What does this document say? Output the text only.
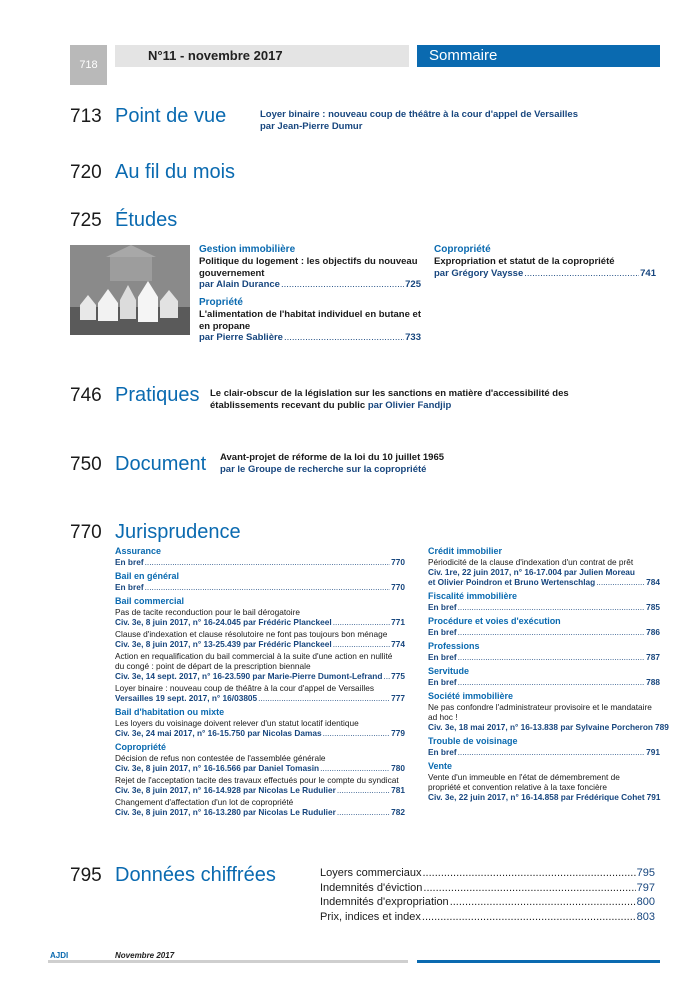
718
N°11 - novembre 2017	Sommaire
713 Point de vue	Loyer binaire : nouveau coup de théâtre à la cour d'appel de Versailles
par Jean-Pierre Dumur
720 Au fil du mois
725 Études
Gestion immobilière
Politique du logement : les objectifs du nouveau gouvernement
par Alain Durance .....	725
Propriété
L'alimentation de l'habitat individuel en butane et en propane
par Pierre Sablière .....	733
Copropriété
Expropriation et statut de la copropriété
par Grégory Vaysse .....	741
746 Pratiques Le clair-obscur de la législation sur les sanctions en matière d'accessibilité des
établissements recevant du public par Olivier Fandjip
750 Document Avant-projet de réforme de la loi du 10 juillet 1965
par le Groupe de recherche sur la copropriété
770 Jurisprudence
Assurance
En bref .....	770
Bail en général
En bref .....	770
Bail commercial
Pas de tacite reconduction pour le bail dérogatoire
Civ. 3e, 8 juin 2017, n° 16-24.045 par Frédéric Planckeel .....	771
Clause d'indexation et clause résolutoire ne font pas toujours bon ménage
Civ. 3e, 8 juin 2017, n° 13-25.439 par Frédéric Planckeel .....	774
Action en requalification du bail commercial à la suite d'une action en nullité
du congé : point de départ de la prescription biennale
Civ. 3e, 14 sept. 2017, n° 16-23.590 par Marie-Pierre Dumont-Lefrand ..... 775
Loyer binaire : nouveau coup de théâtre à la cour d'appel de Versailles
Versailles 19 sept. 2017, n° 16/03805 .....	777
Bail d'habitation ou mixte
Les loyers du voisinage doivent relever d'un statut locatif identique
Civ. 3e, 24 mai 2017, n° 16-15.750 par Nicolas Damas .....	779
Copropriété
Décision de refus non contestée de l'assemblée générale
Civ. 3e, 8 juin 2017, n° 16-16.566 par Daniel Tomasin .....	780
Rejet de l'acceptation tacite des travaux effectués pour le compte du syndicat
Civ. 3e, 8 juin 2017, n° 16-14.928 par Nicolas Le Rudulier .....	781
Changement d'affectation d'un lot de copropriété
Civ. 3e, 8 juin 2017, n° 16-13.280 par Nicolas Le Rudulier .....	782
Crédit immobilier
Périodicité de la clause d'indexation d'un contrat de prêt
Civ. 1re, 22 juin 2017, n° 16-17.004 par Julien Moreau
et Olivier Poindron et Bruno Wertenschlag .....	784
Fiscalité immobilière
En bref .....	785
Procédure et voies d'exécution
En bref .....	786
Professions
En bref .....	787
Servitude
En bref .....	788
Société immobilière
Ne pas confondre l'administrateur provisoire et le mandataire
ad hoc !
Civ. 3e, 18 mai 2017, n° 16-13.838 par Sylvaine Porcheron 789
Trouble de voisinage
En bref .....	791
Vente
Vente d'un immeuble en l'état de démembrement de
propriété et convention relative à la taxe foncière
Civ. 3e, 22 juin 2017, n° 16-14.858 par Frédérique Cohet 791
795 Données chiffrées	Loyers commerciaux .....	795
Indemnités d'éviction .....	797
Indemnités d'expropriation .....	800
Prix, indices et index .....	803
AJDI	Novembre 2017
